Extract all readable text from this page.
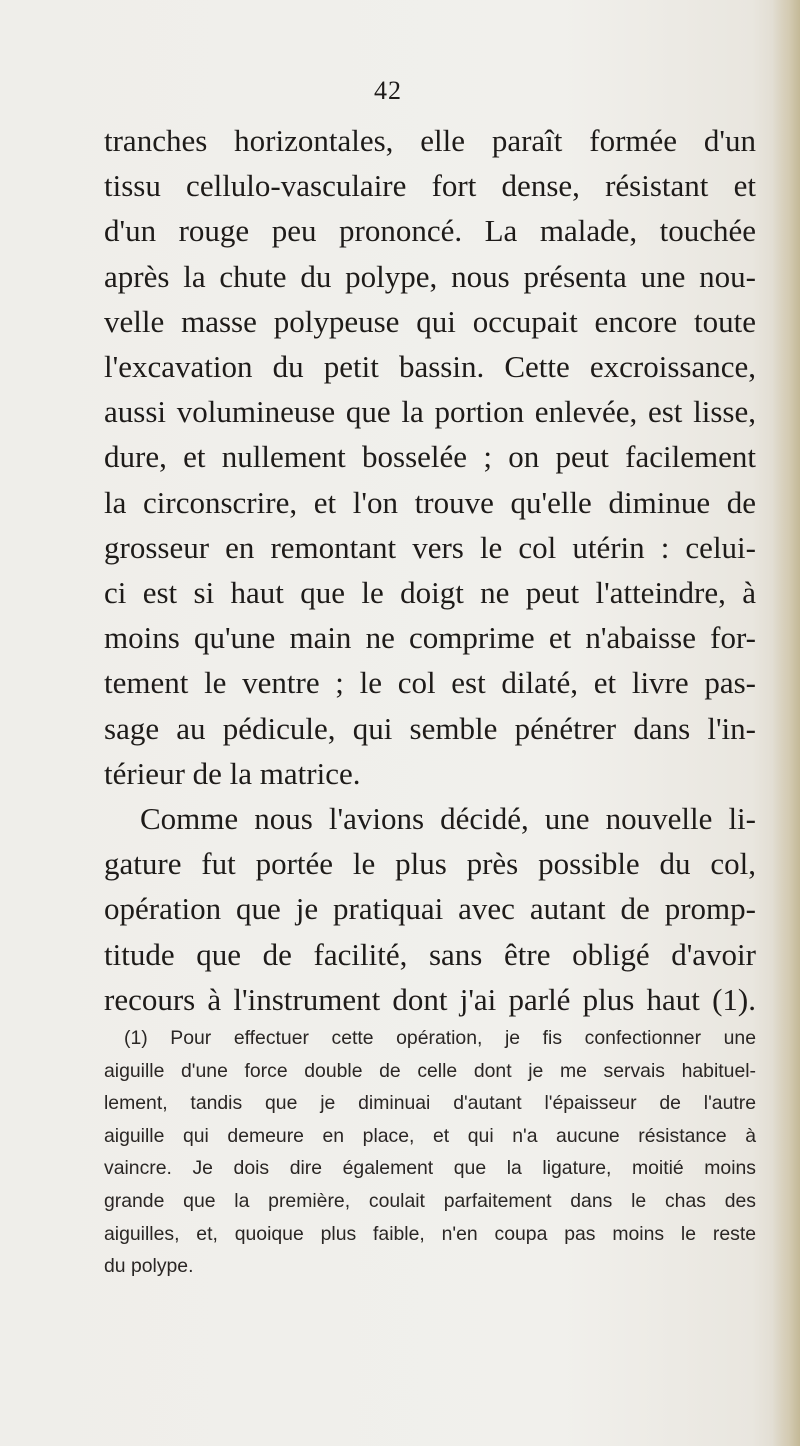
42
tranches horizontales, elle paraît formée d'un
tissu cellulo-vasculaire fort dense, résistant et
d'un rouge peu prononcé. La malade, touchée
après la chute du polype, nous présenta une nou-
velle masse polypeuse qui occupait encore toute
l'excavation du petit bassin. Cette excroissance,
aussi volumineuse que la portion enlevée, est lisse,
dure, et nullement bosselée ; on peut facilement
la circonscrire, et l'on trouve qu'elle diminue de
grosseur en remontant vers le col utérin : celui-
ci est si haut que le doigt ne peut l'atteindre, à
moins qu'une main ne comprime et n'abaisse for-
tement le ventre ; le col est dilaté, et livre pas-
sage au pédicule, qui semble pénétrer dans l'in-
térieur de la matrice.
Comme nous l'avions décidé, une nouvelle li-
gature fut portée le plus près possible du col,
opération que je pratiquai avec autant de promp-
titude que de facilité, sans être obligé d'avoir
recours à l'instrument dont j'ai parlé plus haut (1).
(1) Pour effectuer cette opération, je fis confectionner une
aiguille d'une force double de celle dont je me servais habituel-
lement, tandis que je diminuai d'autant l'épaisseur de l'autre
aiguille qui demeure en place, et qui n'a aucune résistance à
vaincre. Je dois dire également que la ligature, moitié moins
grande que la première, coulait parfaitement dans le chas des
aiguilles, et, quoique plus faible, n'en coupa pas moins le reste
du polype.
